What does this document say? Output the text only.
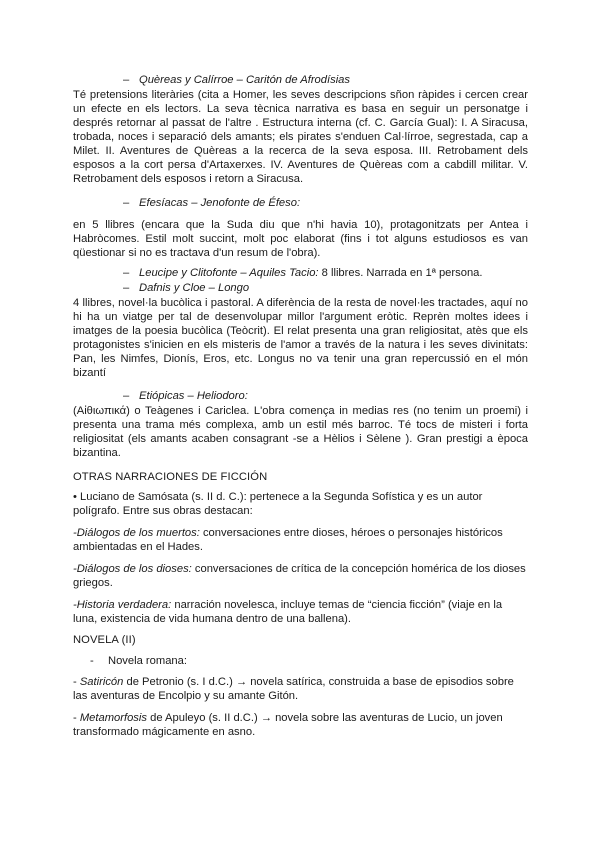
– Quèreas y Calírroe – Caritón de Afrodísias

Té pretensions literàries (cita a Homer, les seves descripcions sñon ràpides i cercen crear un efecte en els lectors. La seva tècnica narrativa es basa en seguir un personatge i després retornar al passat de l'altre . Estructura interna (cf. C. García Gual): I. A Siracusa, trobada, noces i separació dels amants; els pirates s'enduen Cal·lírroe, segrestada, cap a Milet. II. Aventures de Quèreas a la recerca de la seva esposa. III. Retrobament dels esposos a la cort persa d'Artaxerxes. IV. Aventures de Quèreas com a cabdill militar. V. Retrobament dels esposos i retorn a Siracusa.

– Efesíacas – Jenofonte de Éfeso:

en 5 llibres (encara que la Suda diu que n'hi havia 10), protagonitzats per Antea i Habròcomes. Estil molt succint, molt poc elaborat (fins i tot alguns estudiosos es van qüestionar si no es tractava d'un resum de l'obra).

– Leucipe y Clitofonte – Aquiles Tacio: 8 llibres. Narrada en 1ª persona.
– Dafnis y Cloe – Longo

4 llibres, novel·la bucòlica i pastoral. A diferència de la resta de novel·les tractades, aquí no hi ha un viatge per tal de desenvolupar millor l'argument eròtic. Reprèn moltes idees i imatges de la poesia bucòlica (Teòcrit). El relat presenta una gran religiositat, atès que els protagonistes s'inicien en els misteris de l'amor a través de la natura i les seves divinitats: Pan, les Nimfes, Dionís, Eros, etc. Longus no va tenir una gran repercussió en el món bizantí

– Etiópicas – Heliodoro:

(Αἰθιωπικά) o Teàgenes i Cariclea. L'obra comença in medias res (no tenim un proemi) i presenta una trama més complexa, amb un estil més barroc. Té tocs de misteri i forta religiositat (els amants acaben consagrant -se a Hèlios i Sèlene ). Gran prestigi a època bizantina.

OTRAS NARRACIONES DE FICCIÓN

• Luciano de Samósata (s. II d. C.): pertenece a la Segunda Sofística y es un autor polígrafo. Entre sus obras destacan:

-Diálogos de los muertos: conversaciones entre dioses, héroes o personajes históricos ambientadas en el Hades.

-Diálogos de los dioses: conversaciones de crítica de la concepción homérica de los dioses griegos.

-Historia verdadera: narración novelesca, incluye temas de “ciencia ficción” (viaje en la luna, existencia de vida humana dentro de una ballena).

NOVELA (II)
-	Novela romana:

- Satiricón de Petronio (s. I d.C.) → novela satírica, construida a base de episodios sobre las aventuras de Encolpio y su amante Gitón.

- Metamorfosis de Apuleyo (s. II d.C.) → novela sobre las aventuras de Lucio, un joven transformado mágicamente en asno.
